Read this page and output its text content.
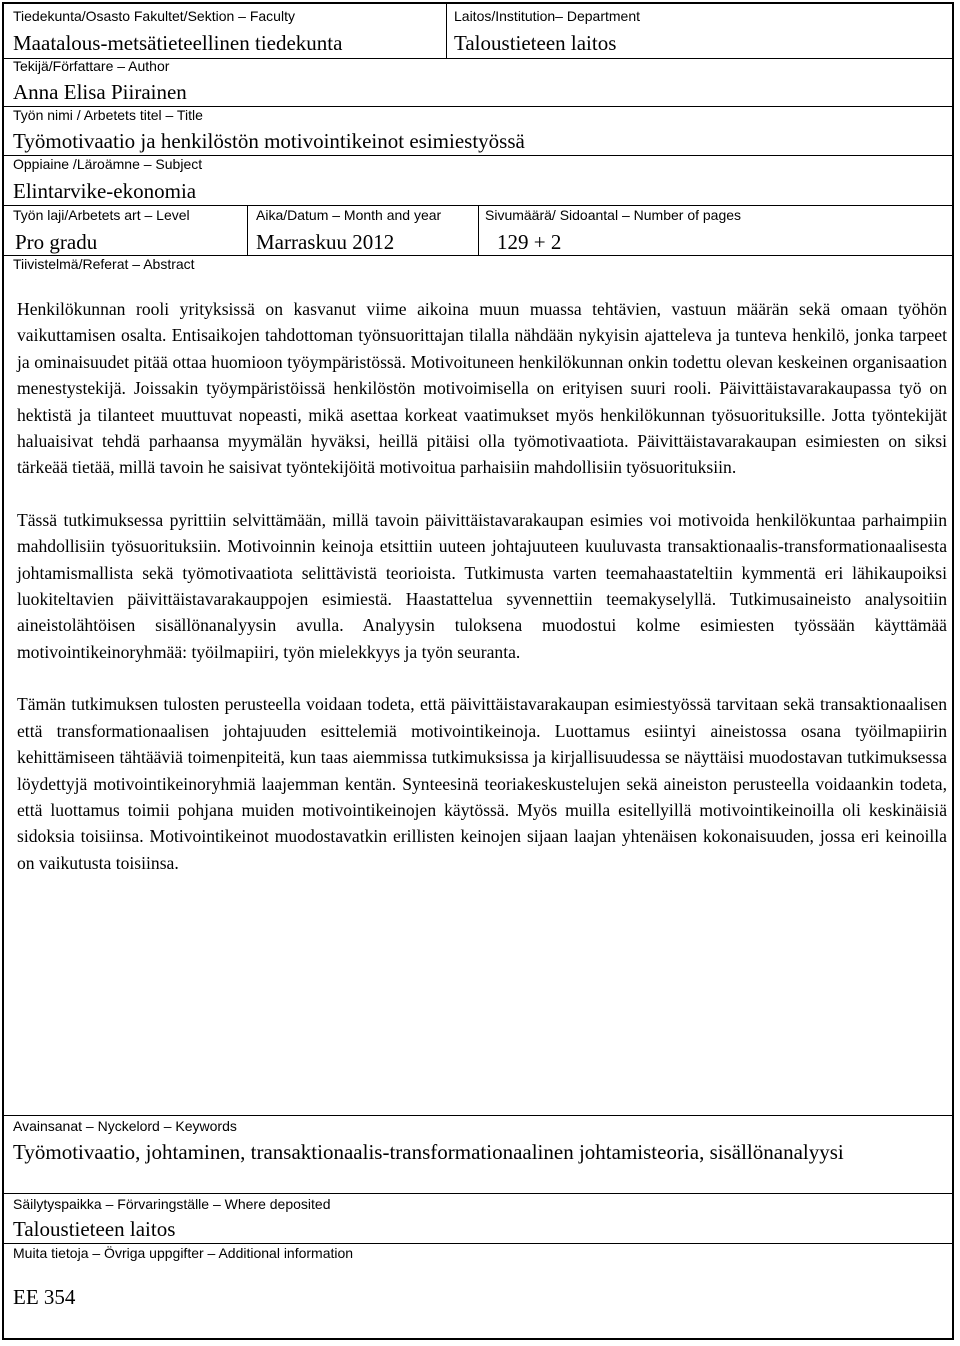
Tiedekunta/Osasto Fakultet/Sektion – Faculty
Maatalous-metsätieteellinen tiedekunta
Laitos/Institution– Department
Taloustieteen laitos
Tekijä/Författare – Author
Anna Elisa Piirainen
Työn nimi / Arbetets titel – Title
Työmotivaatio ja henkilöstön motivointikeinot esimiestyössä
Oppiaine /Läroämne – Subject
Elintarvike-ekonomia
Työn laji/Arbetets art – Level
Pro gradu
Aika/Datum – Month and year
Marraskuu 2012
Sivumäärä/ Sidoantal – Number of pages
129 + 2
Tiivistelmä/Referat – Abstract

Henkilökunnan rooli yrityksissä on kasvanut viime aikoina muun muassa tehtävien, vastuun määrän sekä omaan työhön vaikuttamisen osalta. Entisaikojen tahdottoman työnsuorittajan tilalla nähdään nykyisin ajatteleva ja tunteva henkilö, jonka tarpeet ja ominaisuudet pitää ottaa huomioon työympäristössä. Motivoituneen henkilökunnan onkin todettu olevan keskeinen organisaation menestystekijä. Joissakin työympäristöissä henkilöstön motivoimisella on erityisen suuri rooli. Päivittäistavarakaupassa työ on hektistä ja tilanteet muuttuvat nopeasti, mikä asettaa korkeat vaatimukset myös henkilökunnan työsuorituksille. Jotta työntekijät haluaisivat tehdä parhaansa myymälän hyväksi, heillä pitäisi olla työmotivaatiota. Päivittäistavarakaupan esimiesten on siksi tärkeää tietää, millä tavoin he saisivat työntekijöitä motivoitua parhaisiin mahdollisiin työsuorituksiin.

Tässä tutkimuksessa pyrittiin selvittämään, millä tavoin päivittäistavarakaupan esimies voi motivoida henkilökuntaa parhaimpiin mahdollisiin työsuorituksiin. Motivoinnin keinoja etsittiin uuteen johtajuuteen kuuluvasta transaktionaalis-transformationaalisesta johtamismallista sekä työmotivaatiota selittävistä teorioista. Tutkimusta varten teemahaastateltiin kymmentä eri lähikaupoiksi luokiteltavien päivittäistavarakauppojen esimiestä. Haastattelua syvennettiin teemakyselyllä. Tutkimusaineisto analysoitiin aineistolähtöisen sisällönanalyysin avulla. Analyysin tuloksena muodostui kolme esimiesten työssään käyttämää motivointikeinoryhmää: työilmapiiri, työn mielekkyys ja työn seuranta.

Tämän tutkimuksen tulosten perusteella voidaan todeta, että päivittäistavarakaupan esimiestyössä tarvitaan sekä transaktionaalisen että transformationaalisen johtajuuden esittelemiä motivointikeinoja. Luottamus esiintyi aineistossa osana työilmapiirin kehittämiseen tähtääviä toimenpiteitä, kun taas aiemmissa tutkimuksissa ja kirjallisuudessa se näyttäisi muodostavan tutkimuksessa löydettyjä motivointikeinoryhmiä laajemman kentän. Synteesinä teoriakeskustelujen sekä aineiston perusteella voidaankin todeta, että luottamus toimii pohjana muiden motivointikeinojen käytössä. Myös muilla esitellyillä motivointikeinoilla oli keskinäisiä sidoksia toisiinsa. Motivointikeinot muodostavatkin erillisten keinojen sijaan laajan yhtenäisen kokonaisuuden, jossa eri keinoilla on vaikutusta toisiinsa.

Avainsanat – Nyckelord – Keywords
Työmotivaatio, johtaminen, transaktionaalis-transformationaalinen johtamisteoria, sisällönanalyysi
Säilytyspaikka – Förvaringställe – Where deposited
Taloustieteen laitos
Muita tietoja – Övriga uppgifter – Additional information
EE 354
